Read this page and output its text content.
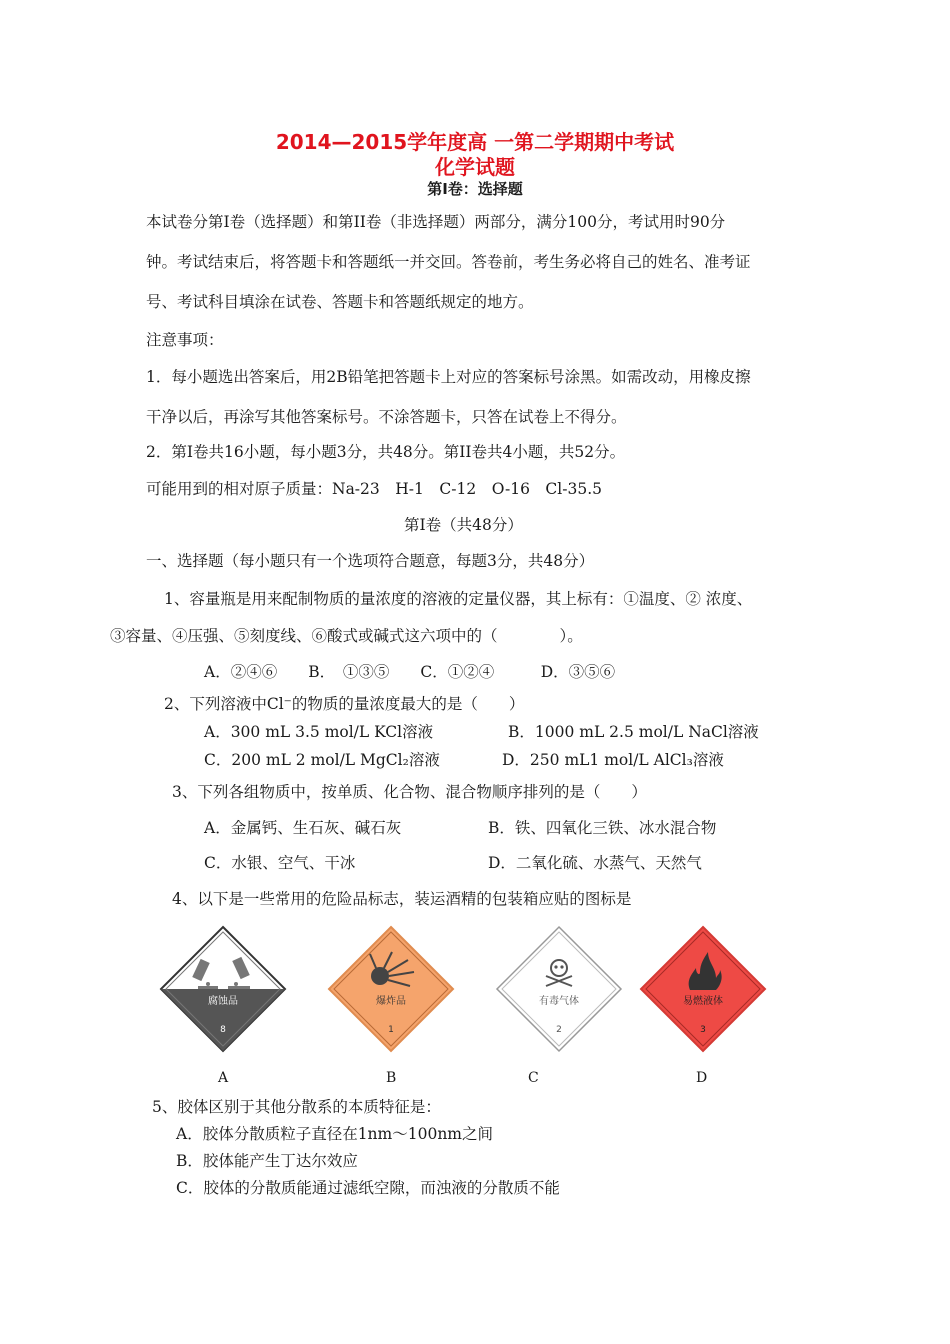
2014—2015学年度高 一第二学期期中考试
化学试题
第Ⅰ卷：选择题
本试卷分第Ⅰ卷（选择题）和第II卷（非选择题）两部分，满分100分，考试用时90分
钟。考试结束后，将答题卡和答题纸一并交回。答卷前，考生务必将自己的姓名、准考证
号、考试科目填涂在试卷、答题卡和答题纸规定的地方。
注意事项：
1．每小题选出答案后，用2B铅笔把答题卡上对应的答案标号涂黑。如需改动，用橡皮擦
干净以后，再涂写其他答案标号。不涂答题卡，只答在试卷上不得分。
2．第Ⅰ卷共16小题，每小题3分，共48分。第II卷共4小题，共52分。
可能用到的相对原子质量：Na-23　H-1　C-12　O-16　Cl-35.5
第Ⅰ卷（共48分）
一、选择题（每小题只有一个选项符合题意，每题3分，共48分）
1、容量瓶是用来配制物质的量浓度的溶液的定量仪器，其上标有：①温度、② 浓度、
③容量、④压强、⑤刻度线、⑥酸式或碱式这六项中的（　　　　）。
A．②④⑥　　B．　①③⑤　　C．①②④　　　D．③⑤⑥
2、下列溶液中Cl⁻的物质的量浓度最大的是（　　）
A．300 mL 3.5 mol/L KCl溶液	B．1000 mL 2.5 mol/L NaCl溶液
C．200 mL 2 mol/L MgCl₂溶液	D．250 mL1 mol/L AlCl₃溶液
3、下列各组物质中，按单质、化合物、混合物顺序排列的是（　　）
A．金属钙、生石灰、碱石灰	B．铁、四氧化三铁、冰水混合物
C．水银、空气、干冰	D．二氧化硫、水蒸气、天然气
4、以下是一些常用的危险品标志，装运酒精的包装箱应贴的图标是
腐蚀品
8
爆炸品
1
有毒气体
2
易燃液体
3
A	B	C	D
5、胶体区别于其他分散系的本质特征是：
A．胶体分散质粒子直径在1nm～100nm之间
B．胶体能产生丁达尔效应
C．胶体的分散质能通过滤纸空隙，而浊液的分散质不能
